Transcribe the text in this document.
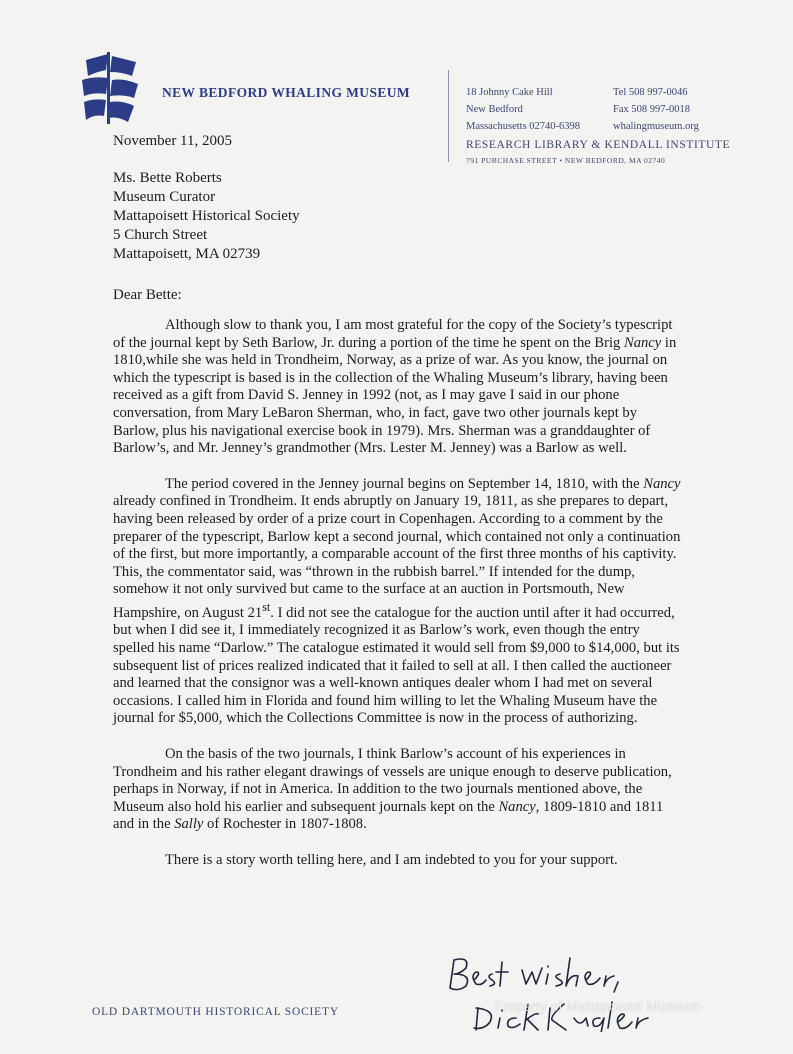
NEW BEDFORD WHALING MUSEUM	18 Johnny Cake Hill
New Bedford
Massachusetts 02740-6398
Tel 508 997-0046
Fax 508 997-0018
whalingmuseum.org
RESEARCH LIBRARY & KENDALL INSTITUTE
791 PURCHASE STREET • NEW BEDFORD, MA 02740
November 11, 2005
Ms. Bette Roberts
Museum Curator
Mattapoisett Historical Society
5 Church Street
Mattapoisett, MA 02739
Dear Bette:

Although slow to thank you, I am most grateful for the copy of the Society’s typescript of the journal kept by Seth Barlow, Jr. during a portion of the time he spent on the Brig Nancy in 1810,while she was held in Trondheim, Norway, as a prize of war. As you know, the journal on which the typescript is based is in the collection of the Whaling Museum’s library, having been received as a gift from David S. Jenney in 1992 (not, as I may gave I said in our phone conversation, from Mary LeBaron Sherman, who, in fact, gave two other journals kept by Barlow, plus his navigational exercise book in 1979). Mrs. Sherman was a granddaughter of Barlow’s, and Mr. Jenney’s grandmother (Mrs. Lester M. Jenney) was a Barlow as well.

The period covered in the Jenney journal begins on September 14, 1810, with the Nancy already confined in Trondheim. It ends abruptly on January 19, 1811, as she prepares to depart, having been released by order of a prize court in Copenhagen. According to a comment by the preparer of the typescript, Barlow kept a second journal, which contained not only a continuation of the first, but more importantly, a comparable account of the first three months of his captivity. This, the commentator said, was “thrown in the rubbish barrel.” If intended for the dump, somehow it not only survived but came to the surface at an auction in Portsmouth, New Hampshire, on August 21st. I did not see the catalogue for the auction until after it had occurred, but when I did see it, I immediately recognized it as Barlow’s work, even though the entry spelled his name “Darlow.” The catalogue estimated it would sell from $9,000 to $14,000, but its subsequent list of prices realized indicated that it failed to sell at all. I then called the auctioneer and learned that the consignor was a well-known antiques dealer whom I had met on several occasions. I called him in Florida and found him willing to let the Whaling Museum have the journal for $5,000, which the Collections Committee is now in the process of authorizing.

On the basis of the two journals, I think Barlow’s account of his experiences in Trondheim and his rather elegant drawings of vessels are unique enough to deserve publication, perhaps in Norway, if not in America. In addition to the two journals mentioned above, the Museum also hold his earlier and subsequent journals kept on the Nancy, 1809-1810 and 1811 and in the Sally of Rochester in 1807-1808.

There is a story worth telling here, and I am indebted to you for your support.

OLD DARTMOUTH HISTORICAL SOCIETY	Property of Mattapoisett Museum
